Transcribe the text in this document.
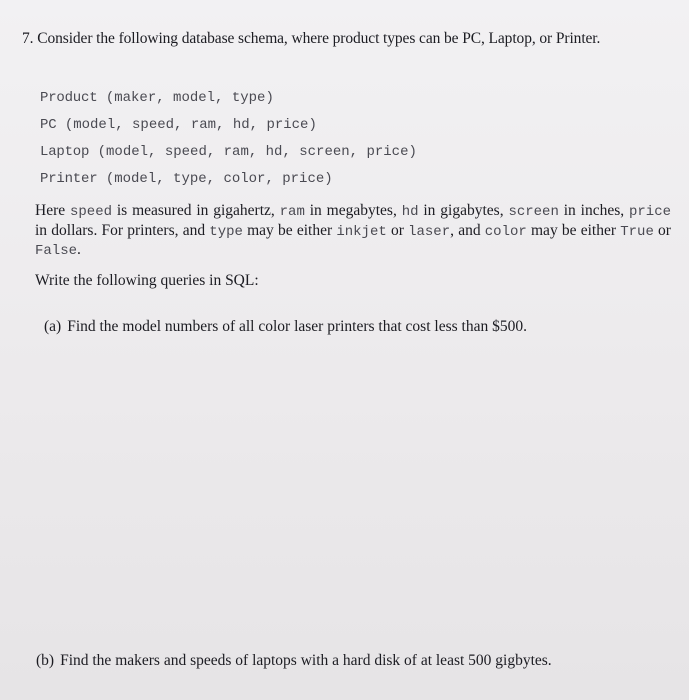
7. Consider the following database schema, where product types can be PC, Laptop, or Printer.
Product (maker, model, type)
PC (model, speed, ram, hd, price)
Laptop (model, speed, ram, hd, screen, price)
Printer (model, type, color, price)
Here speed is measured in gigahertz, ram in megabytes, hd in gigabytes, screen in inches, price in dollars. For printers, and type may be either inkjet or laser, and color may be either True or False.
Write the following queries in SQL:
(a) Find the model numbers of all color laser printers that cost less than $500.
(b) Find the makers and speeds of laptops with a hard disk of at least 500 gigbytes.
